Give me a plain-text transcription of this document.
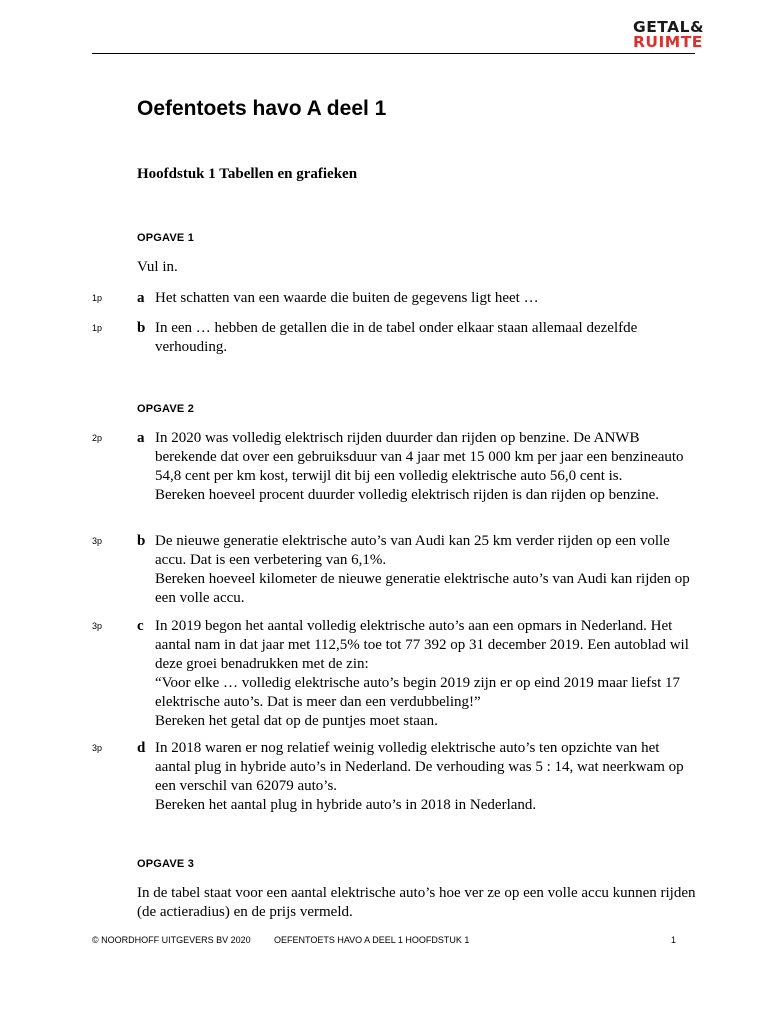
GETAL&
RUIMTE
Oefentoets havo A deel 1
Hoofdstuk 1 Tabellen en grafieken
OPGAVE 1
Vul in.
1p a Het schatten van een waarde die buiten de gegevens ligt heet …
1p b In een … hebben de getallen die in de tabel onder elkaar staan allemaal dezelfde verhouding.
OPGAVE 2
2p a In 2020 was volledig elektrisch rijden duurder dan rijden op benzine. De ANWB berekende dat over een gebruiksduur van 4 jaar met 15 000 km per jaar een benzineauto 54,8 cent per km kost, terwijl dit bij een volledig elektrische auto 56,0 cent is.
Bereken hoeveel procent duurder volledig elektrisch rijden is dan rijden op benzine.
3p b De nieuwe generatie elektrische auto’s van Audi kan 25 km verder rijden op een volle accu. Dat is een verbetering van 6,1%.
Bereken hoeveel kilometer de nieuwe generatie elektrische auto’s van Audi kan rijden op een volle accu.
3p c In 2019 begon het aantal volledig elektrische auto’s aan een opmars in Nederland. Het aantal nam in dat jaar met 112,5% toe tot 77 392 op 31 december 2019. Een autoblad wil deze groei benadrukken met de zin:
“Voor elke … volledig elektrische auto’s begin 2019 zijn er op eind 2019 maar liefst 17 elektrische auto’s. Dat is meer dan een verdubbeling!”
Bereken het getal dat op de puntjes moet staan.
3p d In 2018 waren er nog relatief weinig volledig elektrische auto’s ten opzichte van het aantal plug in hybride auto’s in Nederland. De verhouding was 5 : 14, wat neerkwam op een verschil van 62079 auto’s.
Bereken het aantal plug in hybride auto’s in 2018 in Nederland.
OPGAVE 3
In de tabel staat voor een aantal elektrische auto’s hoe ver ze op een volle accu kunnen rijden (de actieradius) en de prijs vermeld.
© NOORDHOFF UITGEVERS BV 2020	OEFENTOETS HAVO A DEEL 1 HOOFDSTUK 1	1
